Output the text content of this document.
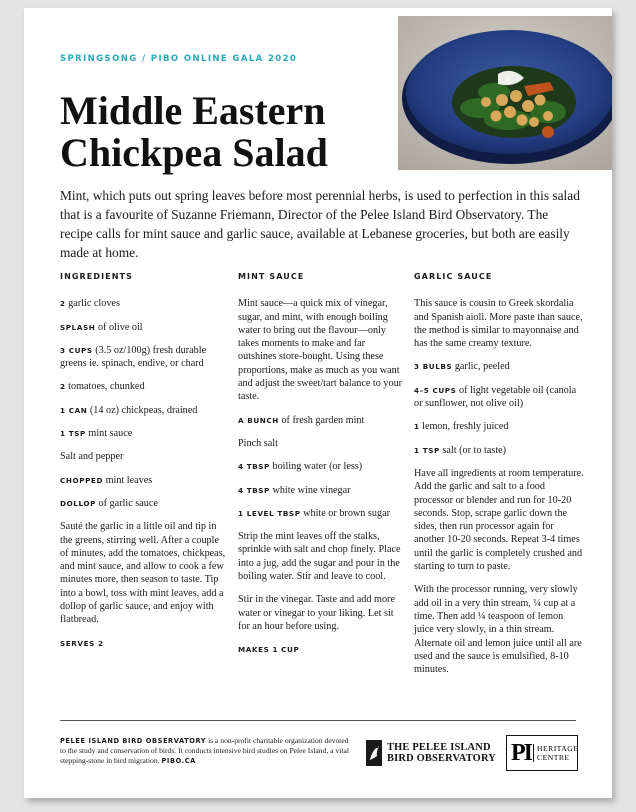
SPRINGSONG / PIBO ONLINE GALA 2020
Middle Eastern
Chickpea Salad

Mint, which puts out spring leaves before most perennial herbs, is used to perfection in this salad that is a favourite of Suzanne Friemann, Director of the Pelee Island Bird Observatory. The recipe calls for mint sauce and garlic sauce, available at Lebanese groceries, but both are easily made at home.

INGREDIENTS
2 garlic cloves
SPLASH of olive oil
3 CUPS (3.5 oz/100g) fresh durable greens ie. spinach, endive, or chard
2 tomatoes, chunked
1 CAN (14 oz) chickpeas, drained
1 TSP mint sauce
Salt and pepper
CHOPPED mint leaves
DOLLOP of garlic sauce

Sauté the garlic in a little oil and tip in the greens, stirring well. After a couple of minutes, add the tomatoes, chickpeas, and mint sauce, and allow to cook a few minutes more, then season to taste. Tip into a bowl, toss with mint leaves, add a dollop of garlic sauce, and enjoy with flatbread.

SERVES 2
MINT SAUCE

Mint sauce—a quick mix of vinegar, sugar, and mint, with enough boiling water to bring out the flavour—only takes moments to make and far outshines store-bought. Using these proportions, make as much as you want and adjust the sweet/tart balance to your taste.

A BUNCH of fresh garden mint
Pinch salt
4 TBSP boiling water (or less)
4 TBSP white wine vinegar
1 LEVEL TBSP white or brown sugar

Strip the mint leaves off the stalks, sprinkle with salt and chop finely. Place into a jug, add the sugar and pour in the boiling water. Stir and leave to cool.

Stir in the vinegar. Taste and add more water or vinegar to your liking. Let sit for an hour before using.

MAKES 1 CUP
GARLIC SAUCE

This sauce is cousin to Greek skordalia and Spanish aioli. More paste than sauce, the method is similar to mayonnaise and has the same creamy texture.

3 BULBS garlic, peeled
4–5 CUPS of light vegetable oil (canola or sunflower, not olive oil)
1 lemon, freshly juiced
1 TSP salt (or to taste)

Have all ingredients at room temperature. Add the garlic and salt to a food processor or blender and run for 10-20 seconds. Stop, scrape garlic down the sides, then run processor again for another 10-20 seconds. Repeat 3-4 times until the garlic is completely crushed and starting to turn to paste.

With the processor running, very slowly add oil in a very thin stream, ¼ cup at a time. Then add ¼ teaspoon of lemon juice very slowly, in a thin stream. Alternate oil and lemon juice until all are used and the sauce is emulsified, 8-10 minutes.

PELEE ISLAND BIRD OBSERVATORY is a non-profit charitable organization devoted to the study and conservation of birds. It conducts intensive bird studies on Pelee Island, a vital stepping-stone in bird migration. PIBO.CA

THE PELEE ISLAND
BIRD OBSERVATORY PI HERITAGE
CENTRE
